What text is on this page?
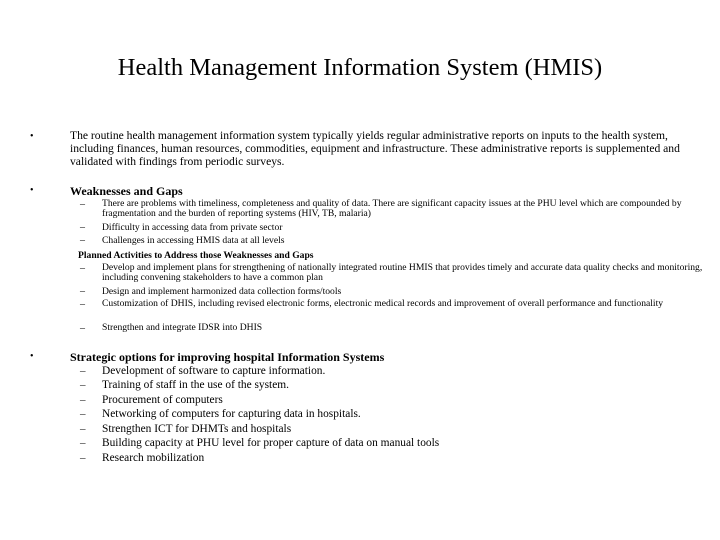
Health Management Information System (HMIS)
•	The routine health management information system typically yields regular administrative reports on inputs to the health system, including finances, human resources, commodities, equipment and infrastructure. These administrative reports is supplemented and validated with findings from periodic surveys.
•	Weaknesses and Gaps
– There are problems with timeliness, completeness and quality of data. There are significant capacity issues at the PHU level which are compounded by fragmentation and the burden of reporting systems (HIV, TB, malaria)
– Difficulty in accessing data from private sector
– Challenges in accessing HMIS data at all levels
Planned Activities to Address those Weaknesses and Gaps
– Develop and implement plans for strengthening of nationally integrated routine HMIS that provides timely and accurate data quality checks and monitoring, including convening stakeholders to have a common plan
– Design and implement harmonized data collection forms/tools
– Customization of DHIS, including revised electronic forms, electronic medical records and improvement of overall performance and functionality
– Strengthen and integrate IDSR into DHIS
•	Strategic options for improving hospital Information Systems
– Development of software to capture information.
– Training of staff in the use of the system.
– Procurement of computers
– Networking of computers for capturing data in hospitals.
– Strengthen ICT for DHMTs and hospitals
– Building capacity at PHU level for proper capture of data on manual tools
– Research mobilization
